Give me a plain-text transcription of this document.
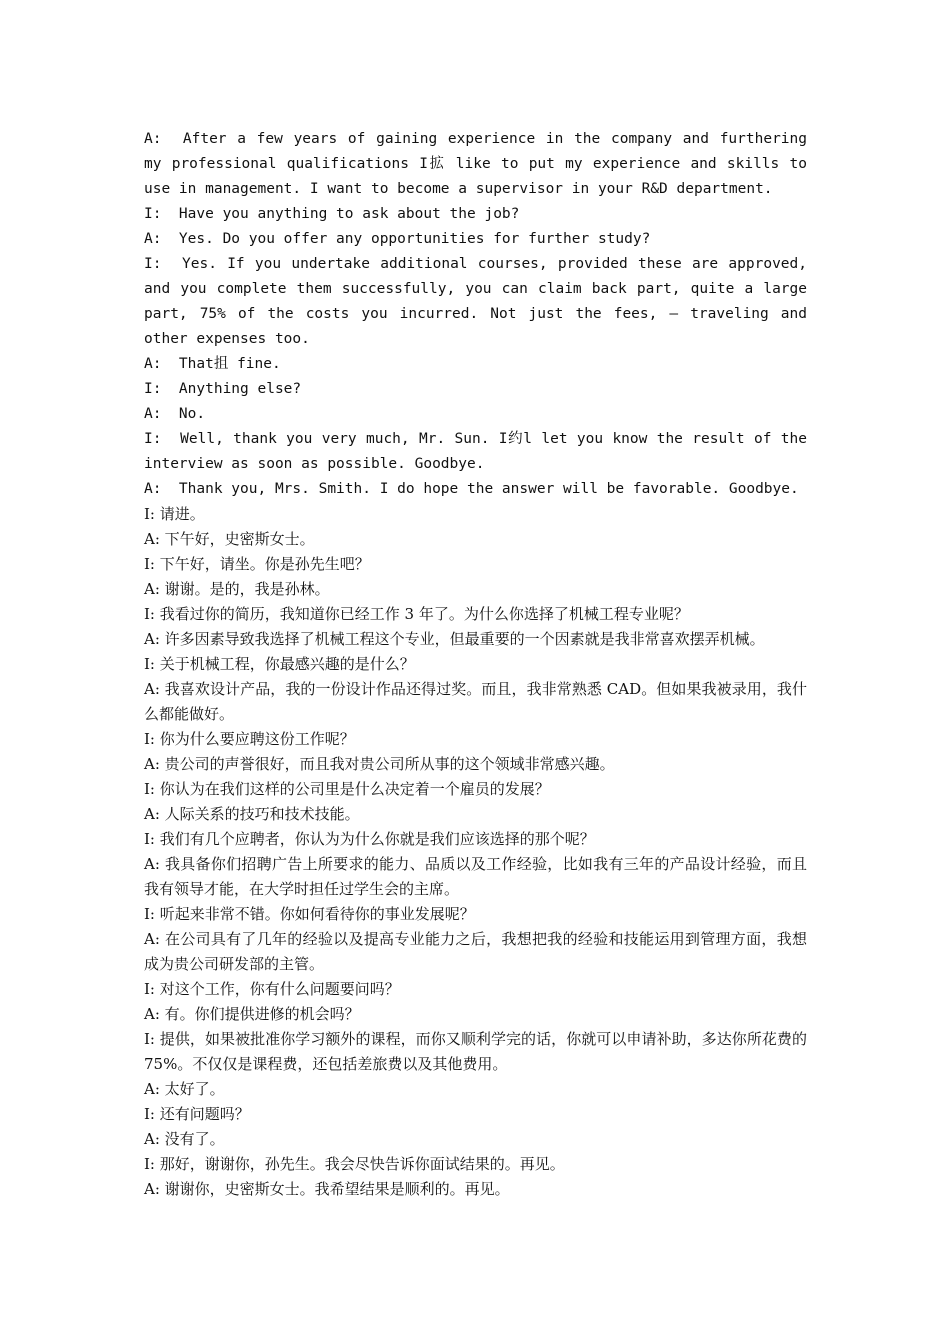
A:  After a few years of gaining experience in the company and furthering my professional qualifications I拡 like to put my experience and skills to use in management. I want to become a supervisor in your R&D department.

I:  Have you anything to ask about the job?

A:  Yes. Do you offer any opportunities for further study?

I:  Yes. If you undertake additional courses, provided these are approved, and you complete them successfully, you can claim back part, quite a large part, 75% of the costs you incurred. Not just the fees, – traveling and other expenses too.

A:  That抯 fine.

I:  Anything else?

A:  No.

I:  Well, thank you very much, Mr. Sun. I约l let you know the result of the interview as soon as possible. Goodbye.

A:  Thank you, Mrs. Smith. I do hope the answer will be favorable. Goodbye.

I: 请进。

A: 下午好，史密斯女士。

I: 下午好，请坐。你是孙先生吧？

A: 谢谢。是的，我是孙林。

I: 我看过你的简历，我知道你已经工作 3 年了。为什么你选择了机械工程专业呢？

A: 许多因素导致我选择了机械工程这个专业，但最重要的一个因素就是我非常喜欢摆弄机械。

I: 关于机械工程，你最感兴趣的是什么？

A: 我喜欢设计产品，我的一份设计作品还得过奖。而且，我非常熟悉 CAD。但如果我被录用，我什么都能做好。

I: 你为什么要应聘这份工作呢？

A: 贵公司的声誉很好，而且我对贵公司所从事的这个领域非常感兴趣。

I: 你认为在我们这样的公司里是什么决定着一个雇员的发展？

A: 人际关系的技巧和技术技能。

I: 我们有几个应聘者，你认为为什么你就是我们应该选择的那个呢？

A: 我具备你们招聘广告上所要求的能力、品质以及工作经验，比如我有三年的产品设计经验，而且我有领导才能，在大学时担任过学生会的主席。

I: 听起来非常不错。你如何看待你的事业发展呢？

A: 在公司具有了几年的经验以及提高专业能力之后，我想把我的经验和技能运用到管理方面，我想成为贵公司研发部的主管。

I: 对这个工作，你有什么问题要问吗？

A: 有。你们提供进修的机会吗？

I: 提供，如果被批准你学习额外的课程，而你又顺利学完的话，你就可以申请补助，多达你所花费的 75%。不仅仅是课程费，还包括差旅费以及其他费用。

A: 太好了。

I: 还有问题吗？

A: 没有了。

I: 那好，谢谢你，孙先生。我会尽快告诉你面试结果的。再见。

A: 谢谢你，史密斯女士。我希望结果是顺利的。再见。
